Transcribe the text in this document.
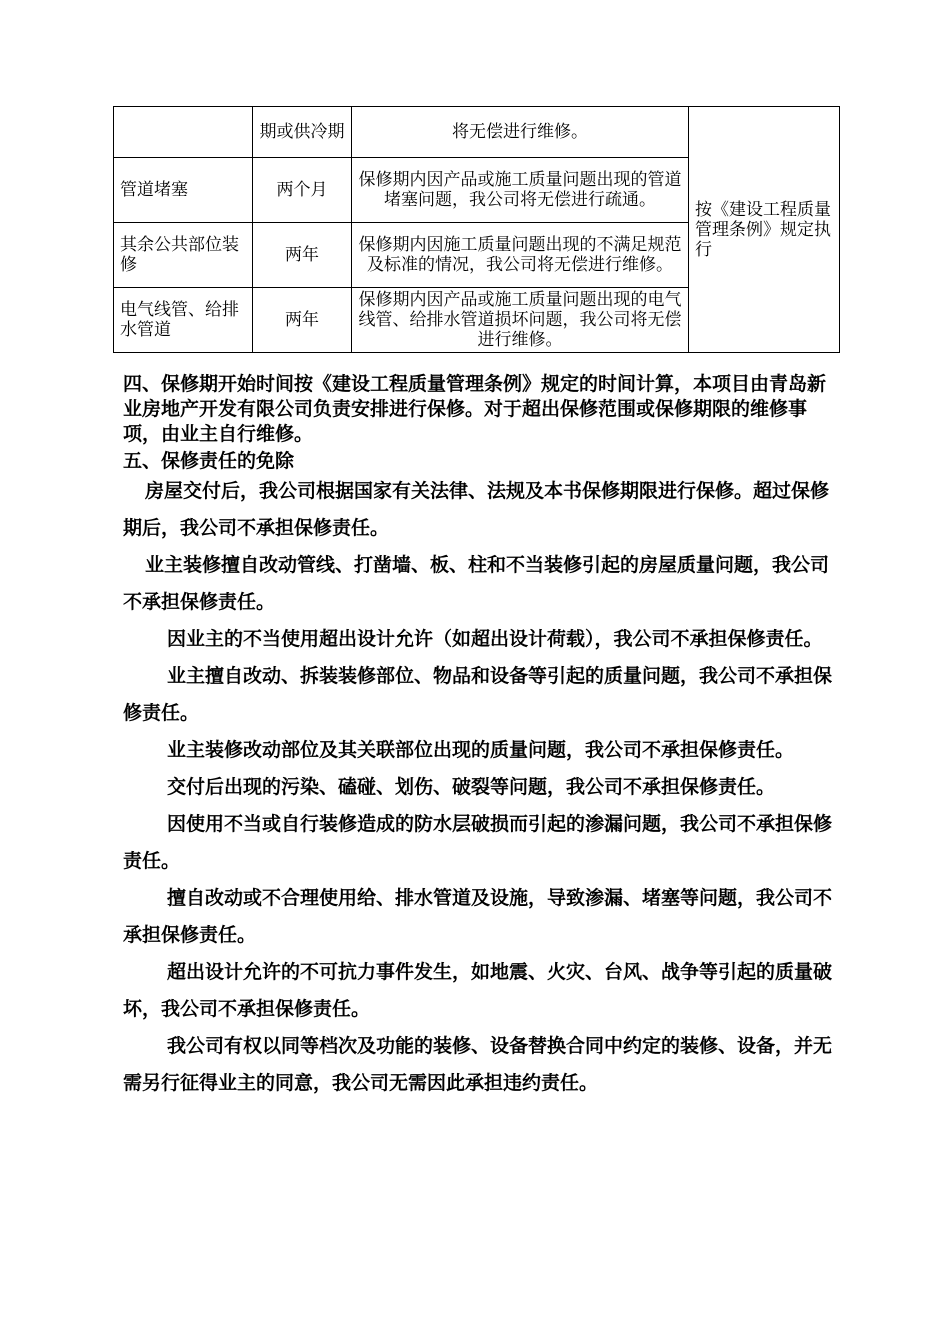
	期或供冷期	将无偿进行维修。	按《建设工程质量管理条例》规定执行
管道堵塞	两个月	保修期内因产品或施工质量问题出现的管道堵塞问题，我公司将无偿进行疏通。	
其余公共部位装修	两年	保修期内因施工质量问题出现的不满足规范及标准的情况，我公司将无偿进行维修。	
电气线管、给排水管道	两年	保修期内因产品或施工质量问题出现的电气线管、给排水管道损坏问题，我公司将无偿进行维修。	

四、保修期开始时间按《建设工程质量管理条例》规定的时间计算，本项目由青岛新业房地产开发有限公司负责安排进行保修。对于超出保修范围或保修期限的维修事项，由业主自行维修。

五、保修责任的免除

房屋交付后，我公司根据国家有关法律、法规及本书保修期限进行保修。超过保修期后，我公司不承担保修责任。

业主装修擅自改动管线、打凿墙、板、柱和不当装修引起的房屋质量问题，我公司不承担保修责任。

因业主的不当使用超出设计允许（如超出设计荷载），我公司不承担保修责任。

业主擅自改动、拆装装修部位、物品和设备等引起的质量问题，我公司不承担保修责任。

业主装修改动部位及其关联部位出现的质量问题，我公司不承担保修责任。

交付后出现的污染、磕碰、划伤、破裂等问题，我公司不承担保修责任。

因使用不当或自行装修造成的防水层破损而引起的渗漏问题，我公司不承担保修责任。

擅自改动或不合理使用给、排水管道及设施，导致渗漏、堵塞等问题，我公司不承担保修责任。

超出设计允许的不可抗力事件发生，如地震、火灾、台风、战争等引起的质量破坏，我公司不承担保修责任。

我公司有权以同等档次及功能的装修、设备替换合同中约定的装修、设备，并无需另行征得业主的同意，我公司无需因此承担违约责任。
